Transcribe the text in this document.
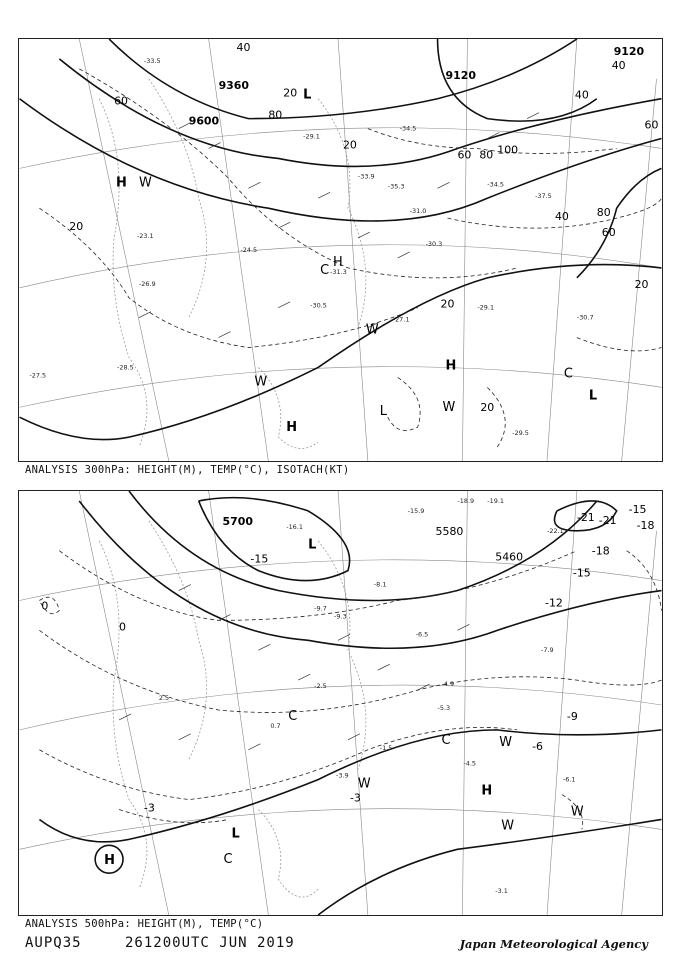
9600
9360
9120
9120
60
80
40
20
60 80 100
40	80
60
40
20
20
20
20
40
60
20
L
H
H
W
W
H
L
C
W
C
L
H
W
-33.5
-34.5
-37.5
-30.7
-27.1
-29.1
-23.1
-26.9
-28.5
-27.5
-29.5
-24.5
-30.5
-31.3
-33.9
-35.3	-34.5
-29.1
-30.3
-31.0
ANALYSIS 300hPa: HEIGHT(M), TEMP(°C), ISOTACH(KT)
5700
5580
5460
-15
-12
-9
-6
-3
0
-18
-21
-15
-18
0
-3
-15
-21
L
C
H
L
C	W
H
W
C
W
W
-15.9
-18.9 -19.1
-22.1
-16.1
-8.1
-9.3
-9.7
-6.5
-4.5
-3.1
-5.3
-7.9
-4.9
-6.1
-3.9
-1.5
-2.5
0.7
2.5
ANALYSIS 500hPa: HEIGHT(M), TEMP(°C)
AUPQ35	261200UTC JUN 2019	Japan Meteorological Agency
